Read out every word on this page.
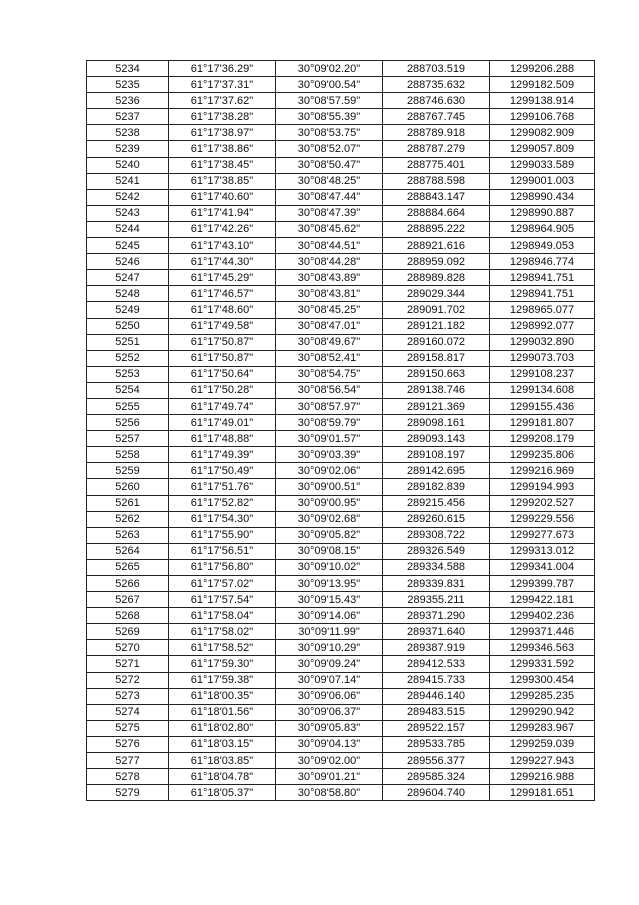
5234	61°17'36.29"	30°09'02.20"	288703.519	1299206.288
5235	61°17'37.31"	30°09'00.54"	288735.632	1299182.509
5236	61°17'37.62"	30°08'57.59"	288746.630	1299138.914
5237	61°17'38.28"	30°08'55.39"	288767.745	1299106.768
5238	61°17'38.97"	30°08'53.75"	288789.918	1299082.909
5239	61°17'38.86"	30°08'52.07"	288787.279	1299057.809
5240	61°17'38.45"	30°08'50.47"	288775.401	1299033.589
5241	61°17'38.85"	30°08'48.25"	288788.598	1299001.003
5242	61°17'40.60"	30°08'47.44"	288843.147	1298990.434
5243	61°17'41.94"	30°08'47.39"	288884.664	1298990.887
5244	61°17'42.26"	30°08'45.62"	288895.222	1298964.905
5245	61°17'43.10"	30°08'44.51"	288921.616	1298949.053
5246	61°17'44.30"	30°08'44.28"	288959.092	1298946.774
5247	61°17'45.29"	30°08'43.89"	288989.828	1298941.751
5248	61°17'46.57"	30°08'43.81"	289029.344	1298941.751
5249	61°17'48.60"	30°08'45.25"	289091.702	1298965.077
5250	61°17'49.58"	30°08'47.01"	289121.182	1298992.077
5251	61°17'50.87"	30°08'49.67"	289160.072	1299032.890
5252	61°17'50.87"	30°08'52.41"	289158.817	1299073.703
5253	61°17'50.64"	30°08'54.75"	289150.663	1299108.237
5254	61°17'50.28"	30°08'56.54"	289138.746	1299134.608
5255	61°17'49.74"	30°08'57.97"	289121.369	1299155.436
5256	61°17'49.01"	30°08'59.79"	289098.161	1299181.807
5257	61°17'48.88"	30°09'01.57"	289093.143	1299208.179
5258	61°17'49.39"	30°09'03.39"	289108.197	1299235.806
5259	61°17'50.49"	30°09'02.06"	289142.695	1299216.969
5260	61°17'51.76"	30°09'00.51"	289182.839	1299194.993
5261	61°17'52.82"	30°09'00.95"	289215.456	1299202.527
5262	61°17'54.30"	30°09'02.68"	289260.615	1299229.556
5263	61°17'55.90"	30°09'05.82"	289308.722	1299277.673
5264	61°17'56.51"	30°09'08.15"	289326.549	1299313.012
5265	61°17'56.80"	30°09'10.02"	289334.588	1299341.004
5266	61°17'57.02"	30°09'13.95"	289339.831	1299399.787
5267	61°17'57.54"	30°09'15.43"	289355.211	1299422.181
5268	61°17'58.04"	30°09'14.06"	289371.290	1299402.236
5269	61°17'58.02"	30°09'11.99"	289371.640	1299371.446
5270	61°17'58.52"	30°09'10.29"	289387.919	1299346.563
5271	61°17'59.30"	30°09'09.24"	289412.533	1299331.592
5272	61°17'59.38"	30°09'07.14"	289415.733	1299300.454
5273	61°18'00.35"	30°09'06.06"	289446.140	1299285.235
5274	61°18'01.56"	30°09'06.37"	289483.515	1299290.942
5275	61°18'02.80"	30°09'05.83"	289522.157	1299283.967
5276	61°18'03.15"	30°09'04.13"	289533.785	1299259.039
5277	61°18'03.85"	30°09'02.00"	289556.377	1299227.943
5278	61°18'04.78"	30°09'01.21"	289585.324	1299216.988
5279	61°18'05.37"	30°08'58.80"	289604.740	1299181.651
